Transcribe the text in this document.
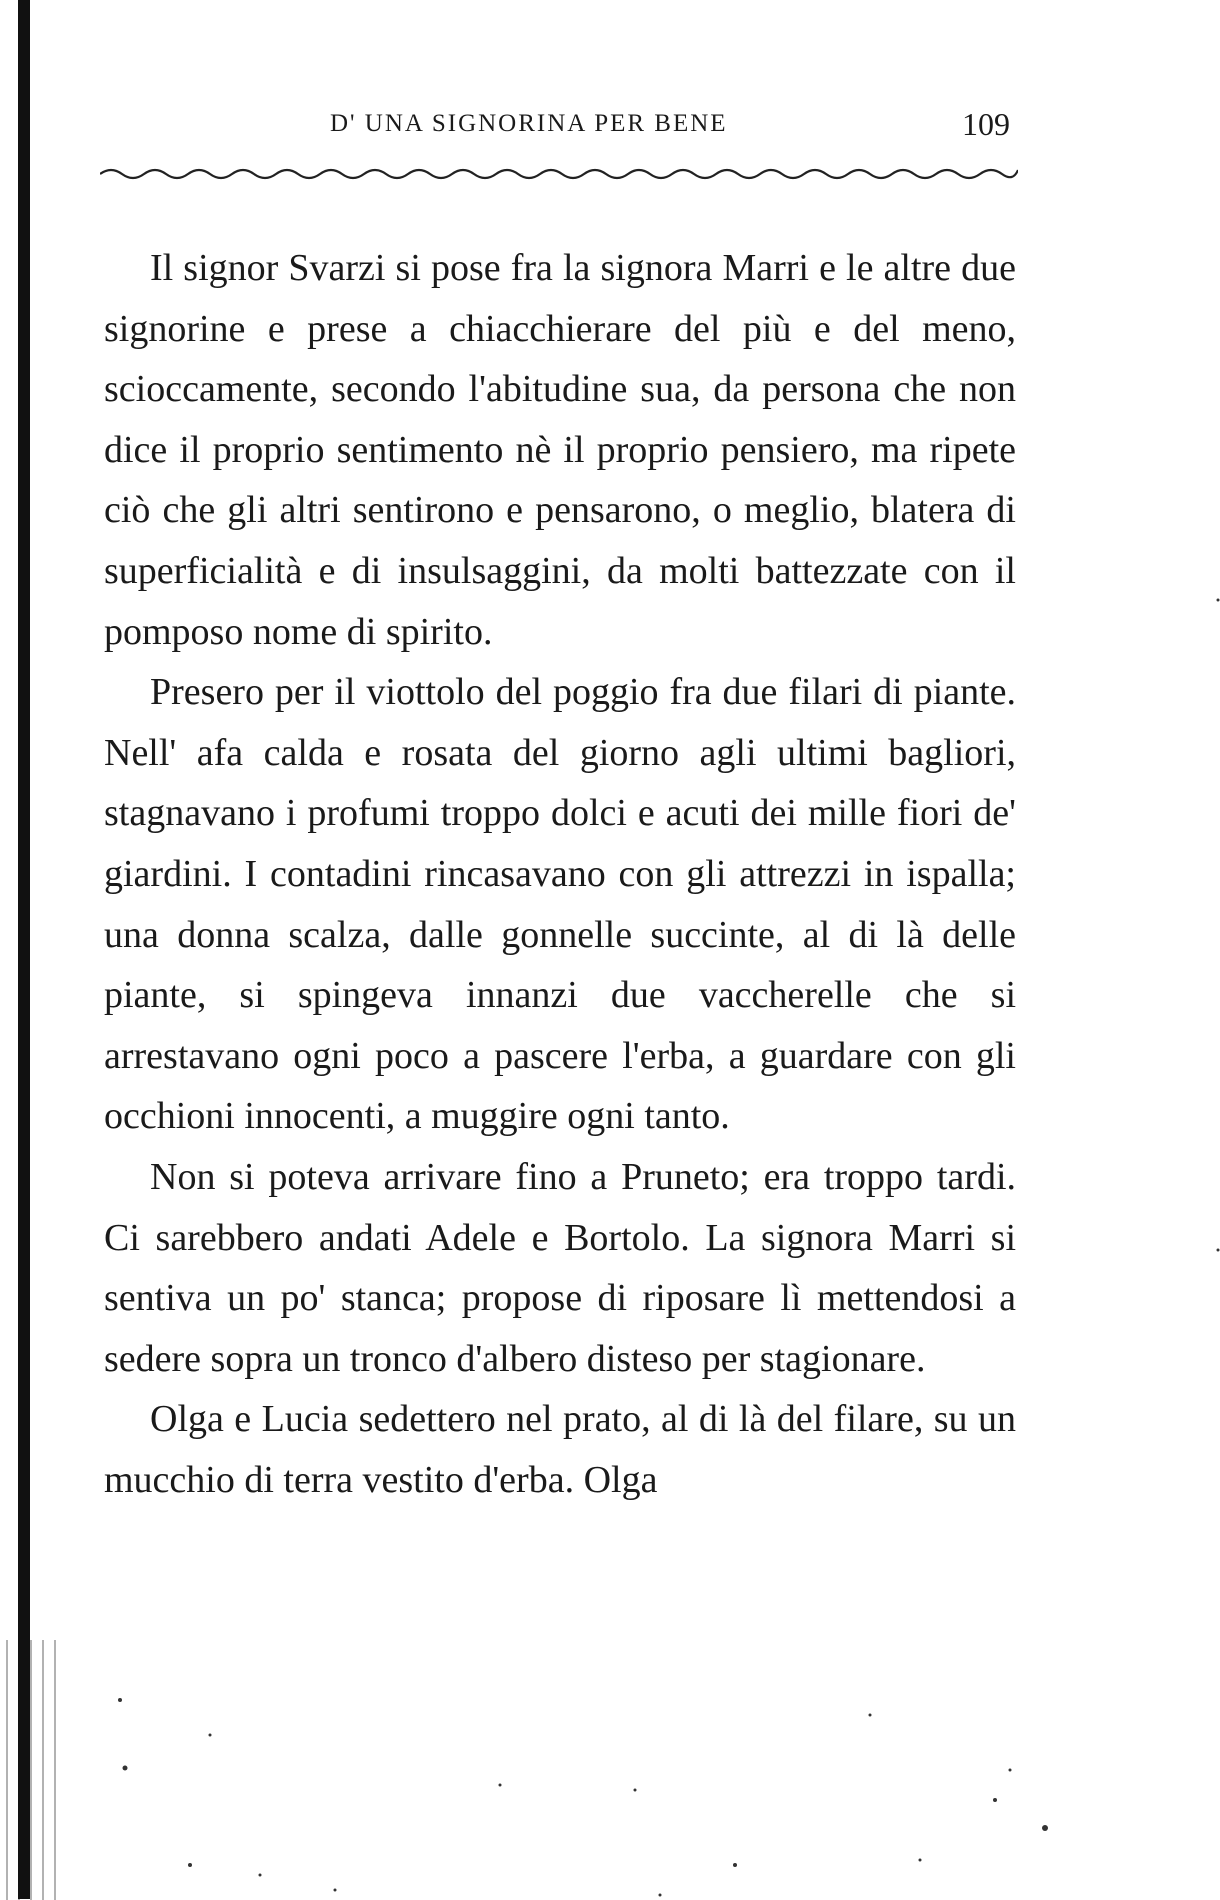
D' UNA SIGNORINA PER BENE	109

Il signor Svarzi si pose fra la signora Marri e le altre due signorine e prese a chiacchierare del più e del meno, scioccamente, secondo l'abitudine sua, da persona che non dice il proprio sentimento nè il proprio pensiero, ma ripete ciò che gli altri sentirono e pensarono, o meglio, blatera di superficialità e di insulsaggini, da molti battezzate con il pomposo nome di spirito.

Presero per il viottolo del poggio fra due filari di piante. Nell' afa calda e rosata del giorno agli ultimi bagliori, stagnavano i profumi troppo dolci e acuti dei mille fiori de' giardini. I contadini rincasavano con gli attrezzi in ispalla; una donna scalza, dalle gonnelle succinte, al di là delle piante, si spingeva innanzi due vaccherelle che si arrestavano ogni poco a pascere l'erba, a guardare con gli occhioni innocenti, a muggire ogni tanto.

Non si poteva arrivare fino a Pruneto; era troppo tardi. Ci sarebbero andati Adele e Bortolo. La signora Marri si sentiva un po' stanca; propose di riposare lì mettendosi a sedere sopra un tronco d'albero disteso per stagionare.

Olga e Lucia sedettero nel prato, al di là del filare, su un mucchio di terra vestito d'erba. Olga
